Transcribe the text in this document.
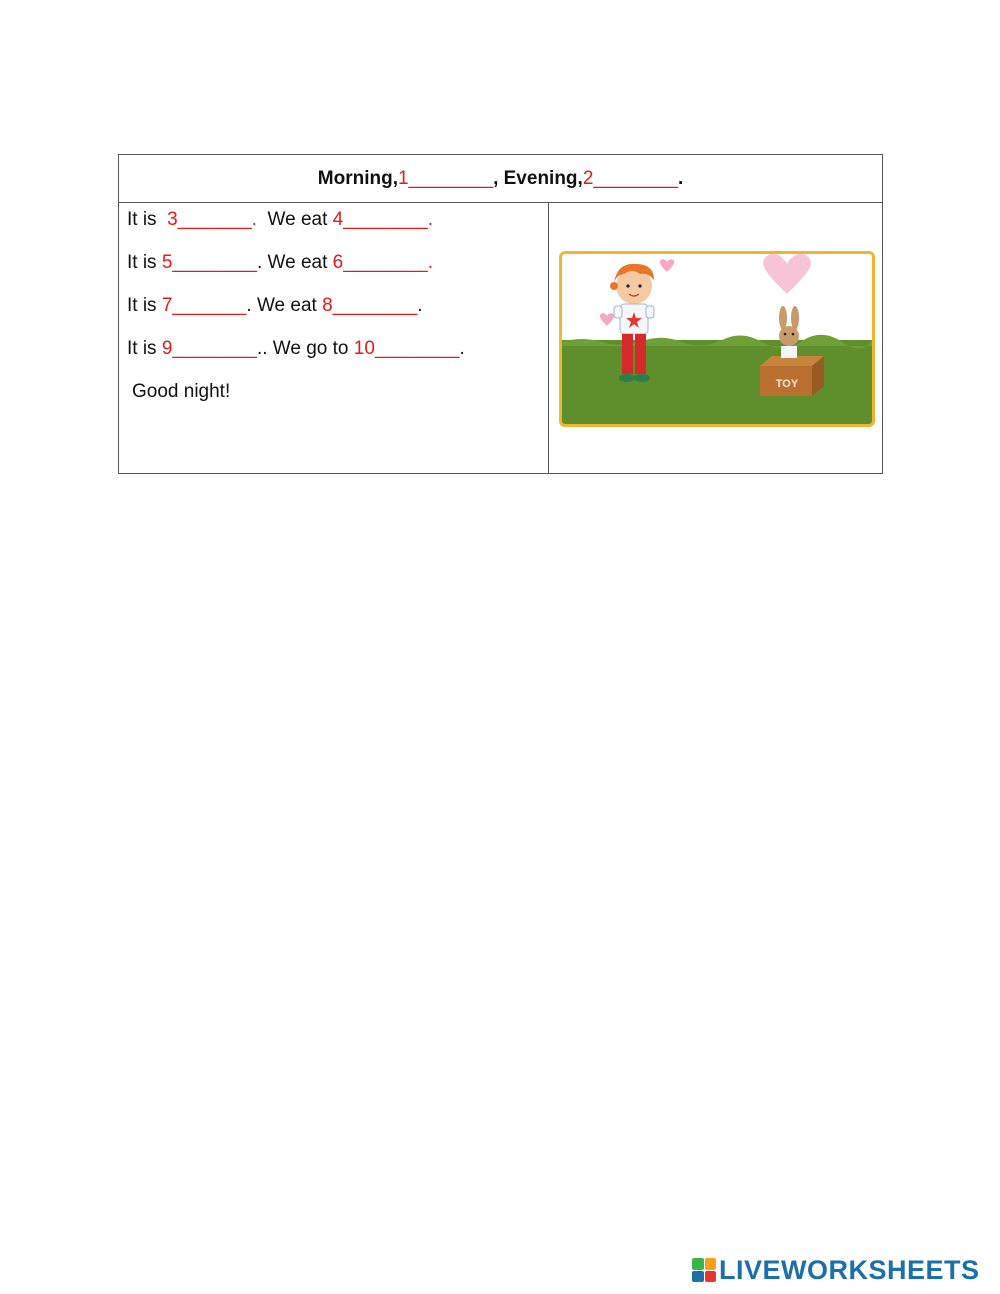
Morning, 1________ , Evening, 2________ .
It is  3_______.  We eat 4________.
It is 5________. We eat 6________.
It is 7_______. We eat 8________.
It is 9________.. We go to 10________.
Good night!	TOY
LIVEWORKSHEETS
